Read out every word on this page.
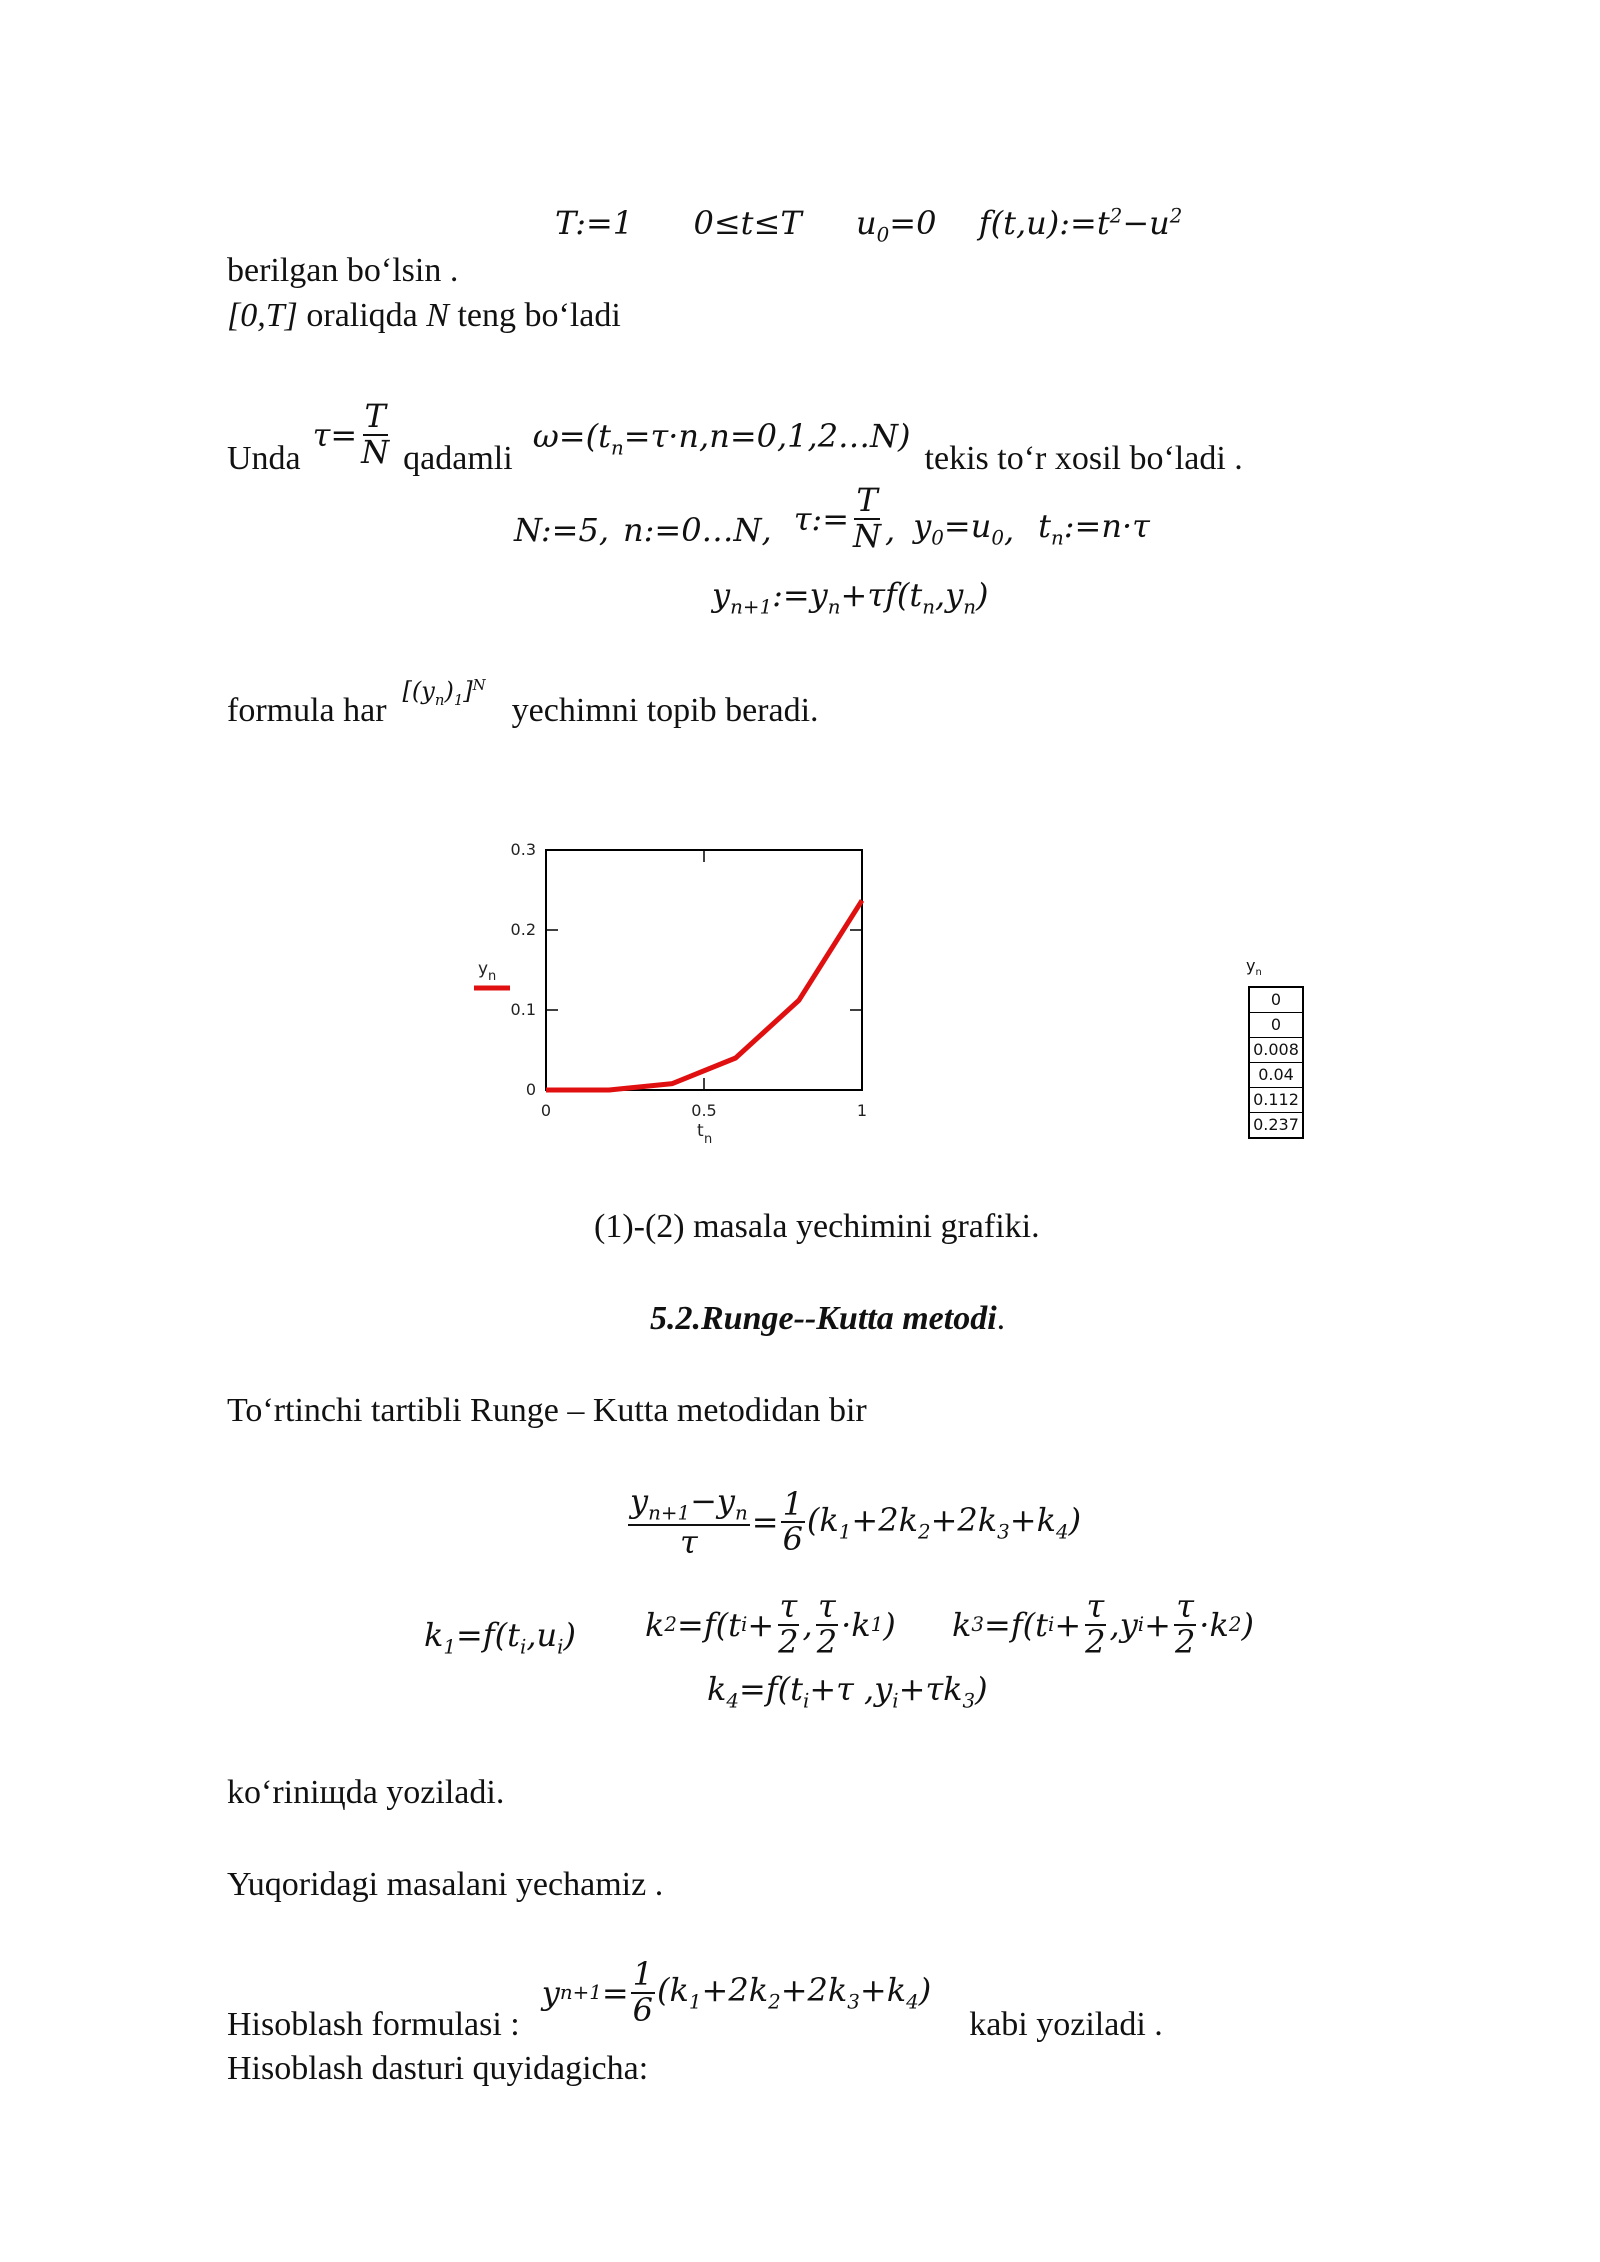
T:=1 0≤t≤T $u_0=0$ $f(t,u):=t^2-u^2$
berilgan bo‘lsin .
[0,T] oraliqda N teng bo‘ladi
Unda
$\tau= \frac{T}{N}$ qadamli
$\omega=(t_n=\tau\cdot n,n=0,1,2\dots N)$
tekis to‘r xosil bo‘ladi .
N:=5 , n:=0…N , τ:= $\frac{T}{N}$ , $y_0=u_0$ , $t_n:=n\cdot\tau$
$y_{n+1}:=y_n+\tau f(t_n,y_n)$
formula har
$[(y_n)_1]^N$
yechimni topib beradi.
0
0.1
0.2
0.3
0	0.5	1
y n
t n
$y_n$
0
0
0.008
0.04
0.112
0.237
(1)-(2) masala yechimini grafiki.
5.2.Runge--Kutta metodi.
To‘rtinchi tartibli Runge – Kutta metodidan bir
$\frac{y_{n+1}-y_n}{\tau} = \frac{1}{6} (k_1+2k_2+2k_3+k_4)$
$k_1=f(t_i,u_i)$ k 2 =f(t $i + \frac{\tau}{2}$ , $\frac{\tau}{2} \cdot k$ 1 ) k 3 =f(t $i + \frac{\tau}{2} ,y$ $i + \frac{\tau}{2} \cdot k$ 2 )
$k_4=f(t_i+\tau$ $,y_i+\tau k_3$)
ko‘riniщda yoziladi.
Yuqoridagi masalani yechamiz .
Hisoblash formulasi :
y $n+1 = \frac{1}{6} (k_1+2k_2+2k_3+k_4)$
kabi yoziladi .
Hisoblash dasturi quyidagicha:
